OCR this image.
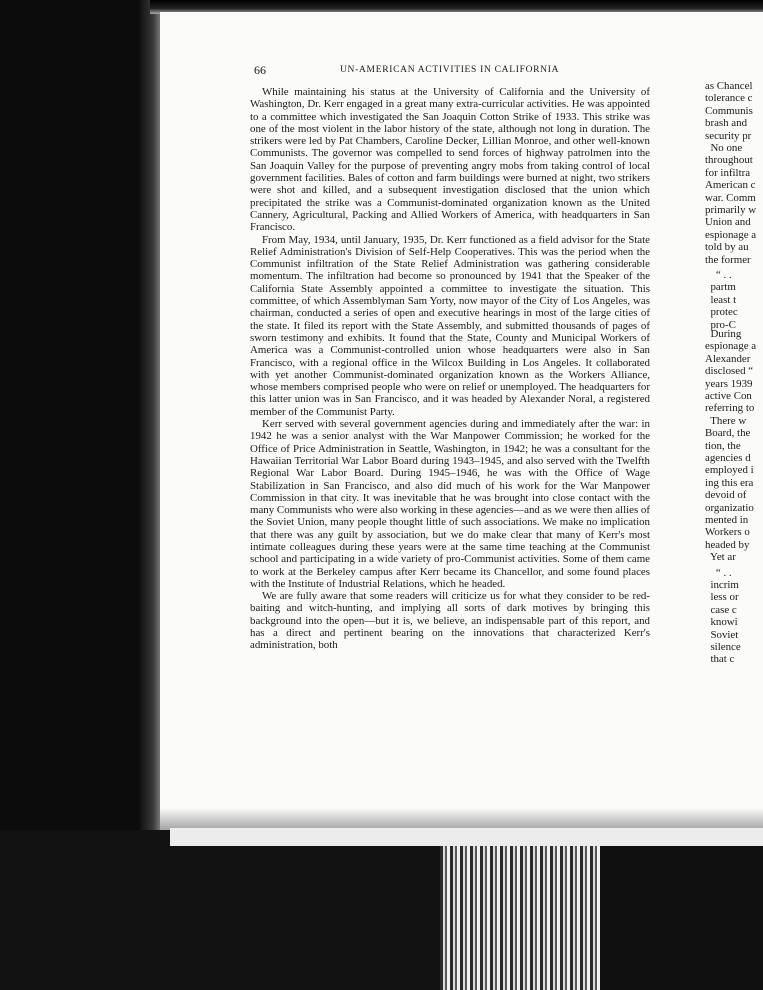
66	UN-AMERICAN ACTIVITIES IN CALIFORNIA

While maintaining his status at the University of California and the University of Washington, Dr. Kerr engaged in a great many extra-curricular activities. He was appointed to a committee which investigated the San Joaquin Cotton Strike of 1933. This strike was one of the most violent in the labor history of the state, although not long in duration. The strikers were led by Pat Chambers, Caroline Decker, Lillian Monroe, and other well-known Communists. The governor was compelled to send forces of highway patrolmen into the San Joaquin Valley for the purpose of preventing angry mobs from taking control of local government facilities. Bales of cotton and farm buildings were burned at night, two strikers were shot and killed, and a subsequent investigation disclosed that the union which precipitated the strike was a Communist-dominated organization known as the United Cannery, Agricultural, Packing and Allied Workers of America, with headquarters in San Francisco.

From May, 1934, until January, 1935, Dr. Kerr functioned as a field advisor for the State Relief Administration's Division of Self-Help Cooperatives. This was the period when the Communist infiltration of the State Relief Administration was gathering considerable momentum. The infiltration had become so pronounced by 1941 that the Speaker of the California State Assembly appointed a committee to investigate the situation. This committee, of which Assemblyman Sam Yorty, now mayor of the City of Los Angeles, was chairman, conducted a series of open and executive hearings in most of the large cities of the state. It filed its report with the State Assembly, and submitted thousands of pages of sworn testimony and exhibits. It found that the State, County and Municipal Workers of America was a Communist-controlled union whose headquarters were also in San Francisco, with a regional office in the Wilcox Building in Los Angeles. It collaborated with yet another Communist-dominated organization known as the Workers Alliance, whose members comprised people who were on relief or unemployed. The headquarters for this latter union was in San Francisco, and it was headed by Alexander Noral, a registered member of the Communist Party.

Kerr served with several government agencies during and immediately after the war: in 1942 he was a senior analyst with the War Manpower Commission; he worked for the Office of Price Administration in Seattle, Washington, in 1942; he was a consultant for the Hawaiian Territorial War Labor Board during 1943–1945, and also served with the Twelfth Regional War Labor Board. During 1945–1946, he was with the Office of Wage Stabilization in San Francisco, and also did much of his work for the War Manpower Commission in that city. It was inevitable that he was brought into close contact with the many Communists who were also working in these agencies—and as we were then allies of the Soviet Union, many people thought little of such associations. We make no implication that there was any guilt by association, but we do make clear that many of Kerr's most intimate colleagues during these years were at the same time teaching at the Communist school and participating in a wide variety of pro-Communist activities. Some of them came to work at the Berkeley campus after Kerr became its Chancellor, and some found places with the Institute of Industrial Relations, which he headed.

We are fully aware that some readers will criticize us for what they consider to be red-baiting and witch-hunting, and implying all sorts of dark motives by bringing this background into the open—but it is, we believe, an indispensable part of this report, and has a direct and pertinent bearing on the innovations that characterized Kerr's administration, both

as Chancel
tolerance c
Communis
brash and
security pr
No one
throughout
for infiltra
American c
war. Comm
primarily w
Union and
espionage a
told by au
the former
“ . .
partm
least t
protec
pro-C
During
espionage a
Alexander
disclosed “
years 1939
active Con
referring to
There w
Board, the
tion, the
agencies d
employed i
ing this era
devoid of
organizatio
mented in
Workers o
headed by
Yet ar
“ . .
incrim
less or
case c
knowi
Soviet
silence
that c
